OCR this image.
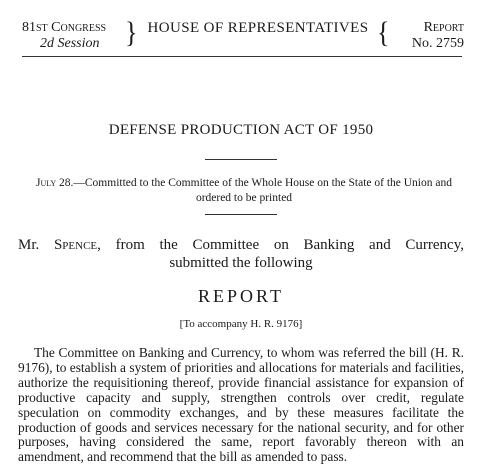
81st Congress
2d Session } HOUSE OF REPRESENTATIVES {	Report
No. 2759
DEFENSE PRODUCTION ACT OF 1950
July 28.—Committed to the Committee of the Whole House on the State of the Union and ordered to be printed
Mr. Spence, from the Committee on Banking and Currency,
submitted the following
REPORT
[To accompany H. R. 9176]

The Committee on Banking and Currency, to whom was referred the bill (H. R. 9176), to establish a system of priorities and allocations for materials and facilities, authorize the requisitioning thereof, provide financial assistance for expansion of productive capacity and supply, strengthen controls over credit, regulate speculation on commodity exchanges, and by these measures facilitate the production of goods and services necessary for the national security, and for other purposes, having considered the same, report favorably thereon with an amendment, and recommend that the bill as amended to pass.
